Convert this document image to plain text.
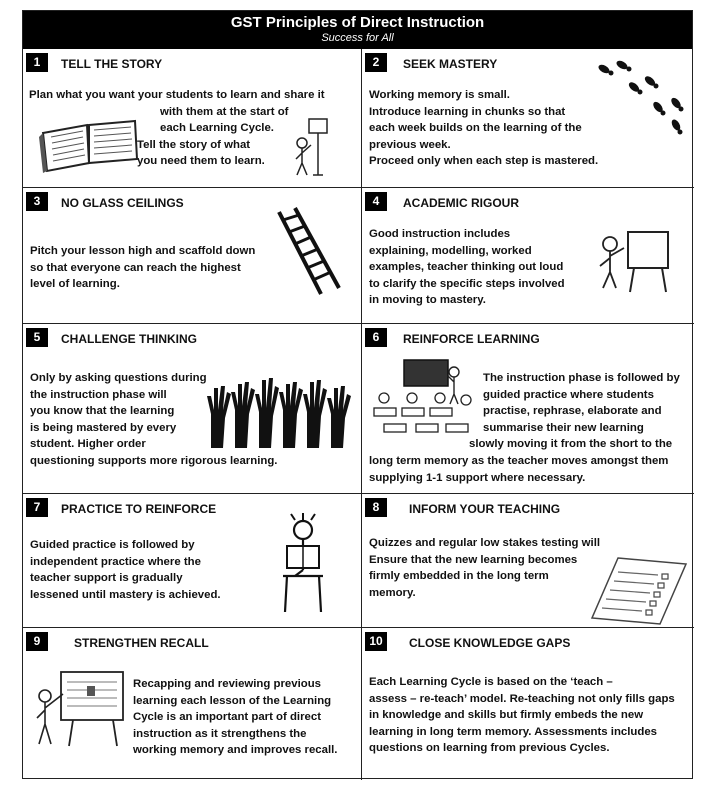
GST Principles of Direct Instruction
Success for All
1	TELL THE STORY
Plan what you want your students to learn and share it
with them at the start of
each Learning Cycle.
Tell the story of what
you need them to learn.
2	SEEK MASTERY
Working memory is small.
Introduce learning in chunks so that
each week builds on the learning of the
previous week.
Proceed only when each step is mastered.
3	NO GLASS CEILINGS
Pitch your lesson high and scaffold down
so that everyone can reach the highest
level of learning.
4	ACADEMIC RIGOUR
Good instruction includes
explaining, modelling, worked
examples, teacher thinking out loud
to clarify the specific steps involved
in moving to mastery.
5	CHALLENGE THINKING
Only by asking questions during
the instruction phase will
you know that the learning
is being mastered by every
student. Higher order
questioning supports more rigorous learning.
6	REINFORCE LEARNING
The instruction phase is followed by
guided practice where students
practise, rephrase, elaborate and
summarise their new learning
slowly moving it from the short to the
long term memory as the teacher moves amongst them
supplying 1-1 support where necessary.
7	PRACTICE TO REINFORCE
Guided practice is followed by
independent practice where the
teacher support is gradually
lessened until mastery is achieved.
8	INFORM YOUR TEACHING
Quizzes and regular low stakes testing will
Ensure that the new learning becomes
firmly embedded in the long term
memory.
9	STRENGTHEN RECALL
Recapping and reviewing previous
learning each lesson of the Learning
Cycle is an important part of direct
instruction as it strengthens the
working memory and improves recall.
10	CLOSE KNOWLEDGE GAPS
Each Learning Cycle is based on the ‘teach –
assess – re-teach’ model. Re-teaching not only fills gaps
in knowledge and skills but firmly embeds the new
learning in long term memory. Assessments includes
questions on learning from previous Cycles.
